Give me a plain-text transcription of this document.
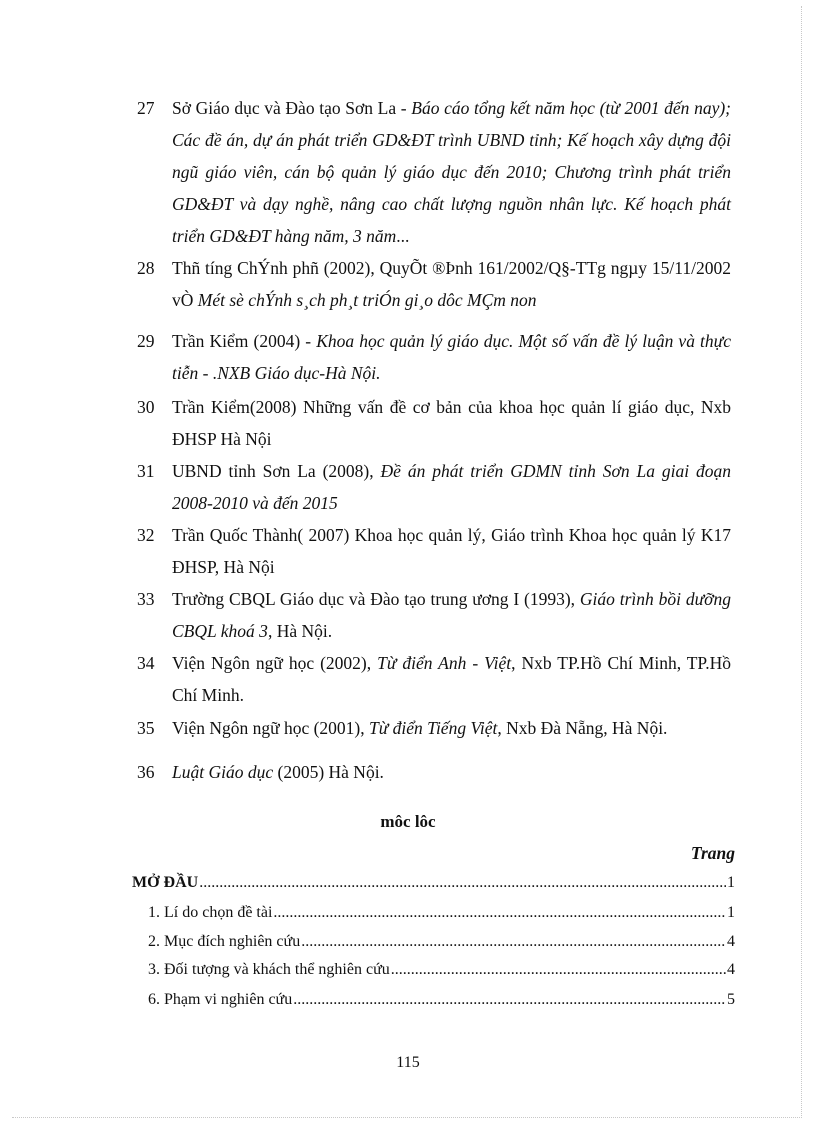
27	Sở Giáo dục và Đào tạo Sơn La - Báo cáo tổng kết năm học (từ 2001 đến nay); Các đề án, dự án phát triển GD&ĐT trình UBND tỉnh; Kế hoạch xây dựng đội ngũ giáo viên, cán bộ quản lý giáo dục đến 2010; Chương trình phát triển GD&ĐT và dạy nghề, nâng cao chất lượng nguồn nhân lực. Kế hoạch phát triển GD&ĐT hàng năm, 3 năm...
28	Thñ tíng ChÝnh phñ (2002), QuyÕt ®Þnh 161/2002/Q§-TTg ngµy 15/11/2002 vÒ Mét sè chÝnh s¸ch ph¸t triÓn gi¸o dôc MÇm non
29	Trần Kiểm (2004) - Khoa học quản lý giáo dục. Một số vấn đề lý luận và thực tiễn - .NXB Giáo dục-Hà Nội.
30	Trần Kiểm(2008) Những vấn đề cơ bản của khoa học quản lí giáo dục, Nxb ĐHSP Hà Nội
31	UBND tỉnh Sơn La (2008), Đề án phát triển GDMN tỉnh Sơn La giai đoạn 2008-2010 và đến 2015
32	Trần Quốc Thành( 2007) Khoa học quản lý, Giáo trình Khoa học quản lý K17 ĐHSP, Hà Nội
33	Trường CBQL Giáo dục và Đào tạo trung ương I (1993), Giáo trình bồi dưỡng CBQL khoá 3, Hà Nội.
34	Viện Ngôn ngữ học (2002), Từ điển Anh - Việt, Nxb TP.Hồ Chí Minh, TP.Hồ Chí Minh.
35	Viện Ngôn ngữ học (2001), Từ điển Tiếng Việt, Nxb Đà Nẵng, Hà Nội.
36	Luật Giáo dục (2005) Hà Nội.
môc lôc
Trang
MỞ ĐẦU .....	1
1. Lí do chọn đề tài .....	1
2. Mục đích nghiên cứu .....	4
3. Đối tượng và khách thể nghiên cứu .....	4
6. Phạm vi nghiên cứu .....	5
115
